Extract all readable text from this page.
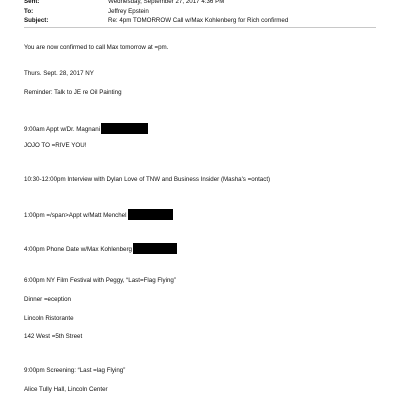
Sent:	Wednesday, September 27, 2017 4:36 PM
To:	Jeffrey Epstein
Subject:	Re: 4pm TOMORROW Call w/Max Kohlenberg for Rich confirmed
You are now confirmed to call Max tomorrow at =pm.
Thurs. Sept. 28, 2017 NY
Reminder: Talk to JE re Oil Painting
9:00am Appt w/Dr. Magnani
JOJO TO =RIVE YOU!
10:30-12:00pm Interview with Dylan Love of TNW and Business Insider (Masha's =ontact)
1:00pm =/span>Appt w/Matt Menchel
4:00pm Phone Date w/Max Kohlenberg
6:00pm NY Film Festival with Peggy, “Last=Flag Flying”
Dinner =eception
Lincoln Ristorante
142 West =5th Street
9:00pm Screening: “Last =lag Flying”
Alice Tully Hall, Lincoln Center
